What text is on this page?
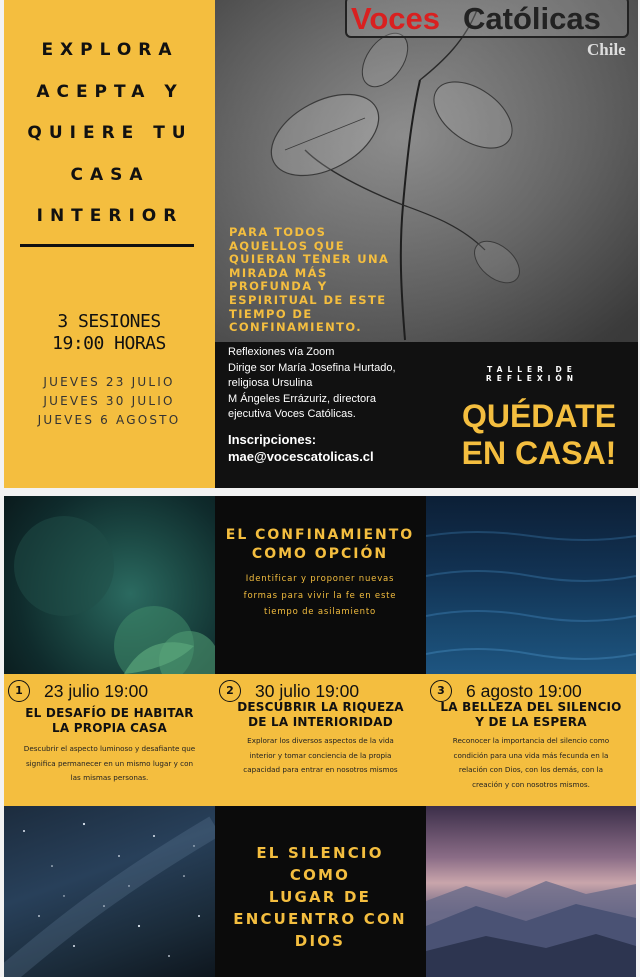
EXPLORA
ACEPTA Y
QUIERE TU
CASA
INTERIOR
3 SESIONES
19:00 HORAS
JUEVES 23 JULIO
JUEVES 30 JULIO
JUEVES 6 AGOSTO
Voces Católicas
Chile
PARA TODOS AQUELLOS QUE QUIERAN TENER UNA MIRADA MÁS PROFUNDA Y ESPIRITUAL DE ESTE TIEMPO DE CONFINAMIENTO.
Reflexiones vía Zoom
Dirige sor María Josefina Hurtado,
religiosa Ursulina
M Ángeles Errázuriz, directora
ejecutiva Voces Católicas.
Inscripciones:
mae@vocescatolicas.cl
TALLER DE
REFLEXIÓN
QUÉDATE
EN CASA!
EL CONFINAMIENTO
COMO OPCIÓN
Identificar y proponer nuevas
formas para vivir la fe en este
tiempo de asilamiento
1	23 julio 19:00
EL DESAFÍO DE HABITAR
LA PROPIA CASA
Descubrir el aspecto luminoso y desafiante que
significa permanecer en un mismo lugar y con
las mismas personas.
2	30 julio 19:00
DESCUBRIR LA RIQUEZA
DE LA INTERIORIDAD
Explorar los diversos aspectos de la vida
interior y tomar conciencia de la propia
capacidad para entrar en nosotros mismos
3	6 agosto 19:00
LA BELLEZA DEL SILENCIO
Y DE LA ESPERA
Reconocer la importancia del silencio como
condición para una vida más fecunda en la
relación con Dios, con los demás, con la
creación y con nosotros mismos.
EL SILENCIO COMO
LUGAR DE
ENCUENTRO CON
DIOS
